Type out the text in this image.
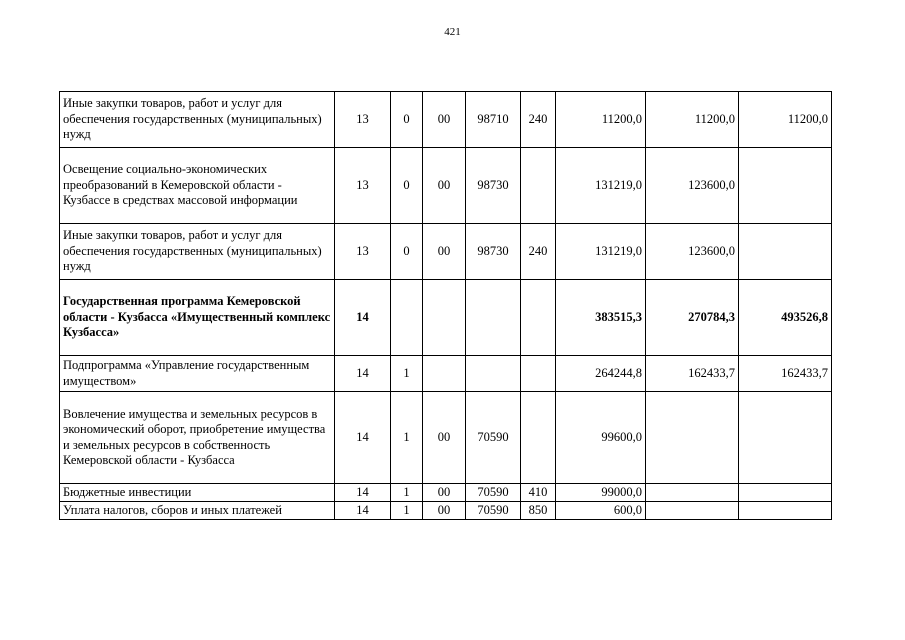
421
Иные закупки товаров, работ и услуг для обеспечения государственных (муниципальных) нужд	13	0	00	98710	240	11200,0	11200,0	11200,0
Освещение социально-экономических преобразований в Кемеровской области - Кузбассе в средствах массовой информации	13	0	00	98730		131219,0	123600,0	
Иные закупки товаров, работ и услуг для обеспечения государственных (муниципальных) нужд	13	0	00	98730	240	131219,0	123600,0	
Государственная программа Кемеровской области - Кузбасса «Имущественный комплекс Кузбасса»	14					383515,3	270784,3	493526,8
Подпрограмма «Управление государственным имуществом»	14	1				264244,8	162433,7	162433,7
Вовлечение имущества и земельных ресурсов в экономический оборот, приобретение имущества и земельных ресурсов в собственность Кемеровской области - Кузбасса	14	1	00	70590		99600,0		
Бюджетные инвестиции	14	1	00	70590	410	99000,0		
Уплата налогов, сборов и иных платежей	14	1	00	70590	850	600,0		
